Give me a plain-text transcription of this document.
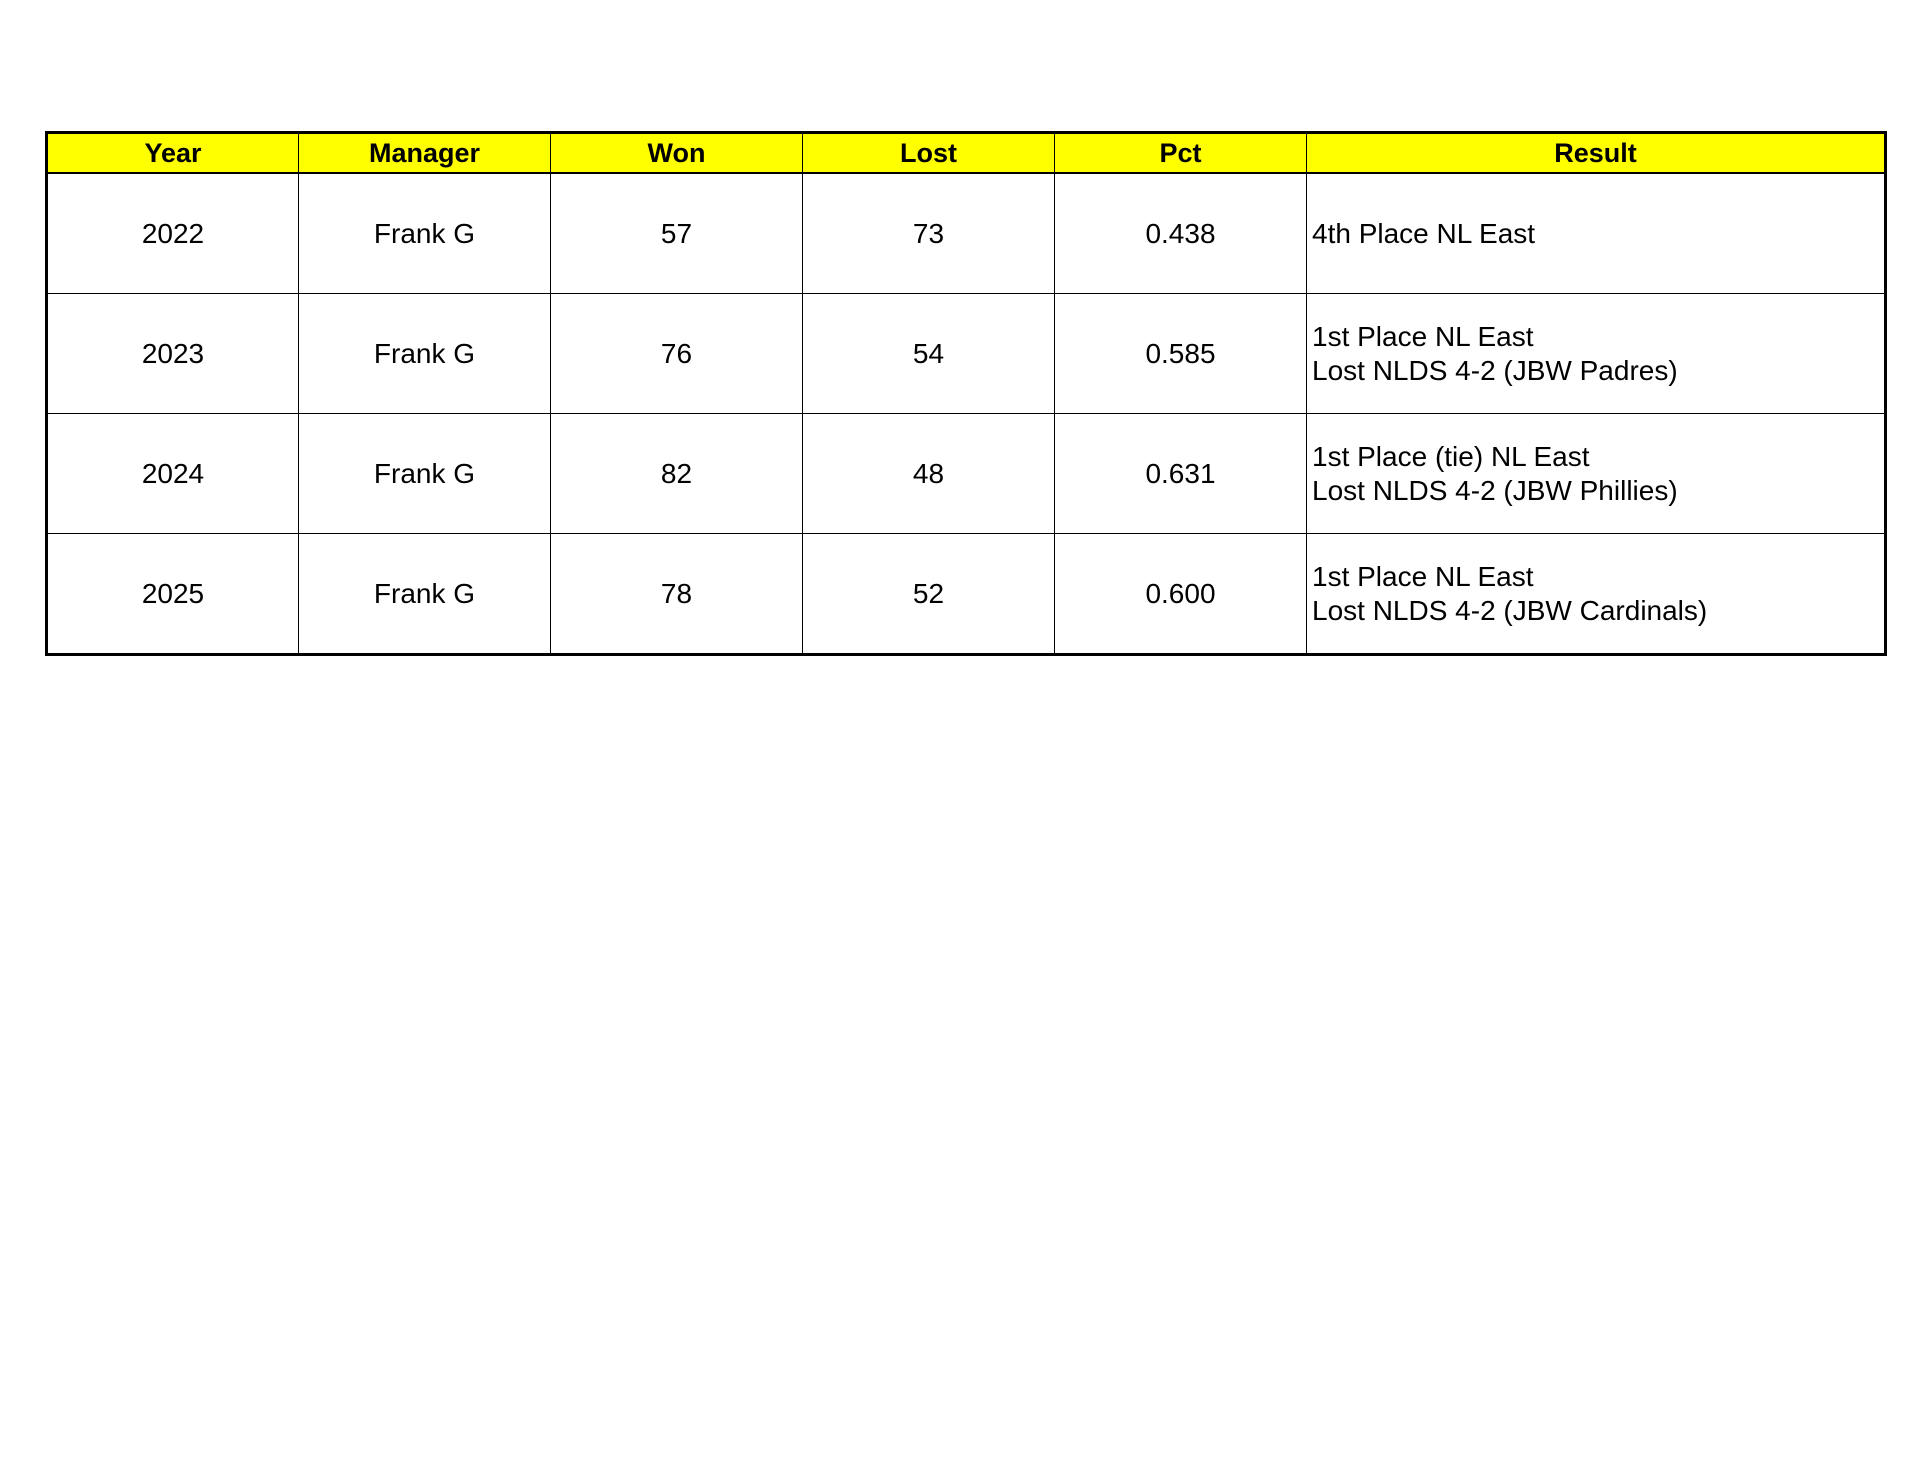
Year	Manager	Won	Lost	Pct	Result
2022	Frank G	57	73	0.438	4th Place NL East

2023	Frank G	76	54	0.585	1st Place NL East
Lost NLDS 4-2 (JBW Padres)

2024	Frank G	82	48	0.631	1st Place (tie) NL East
Lost NLDS 4-2 (JBW Phillies)

2025	Frank G	78	52	0.600	1st Place NL East
Lost NLDS 4-2 (JBW Cardinals)
